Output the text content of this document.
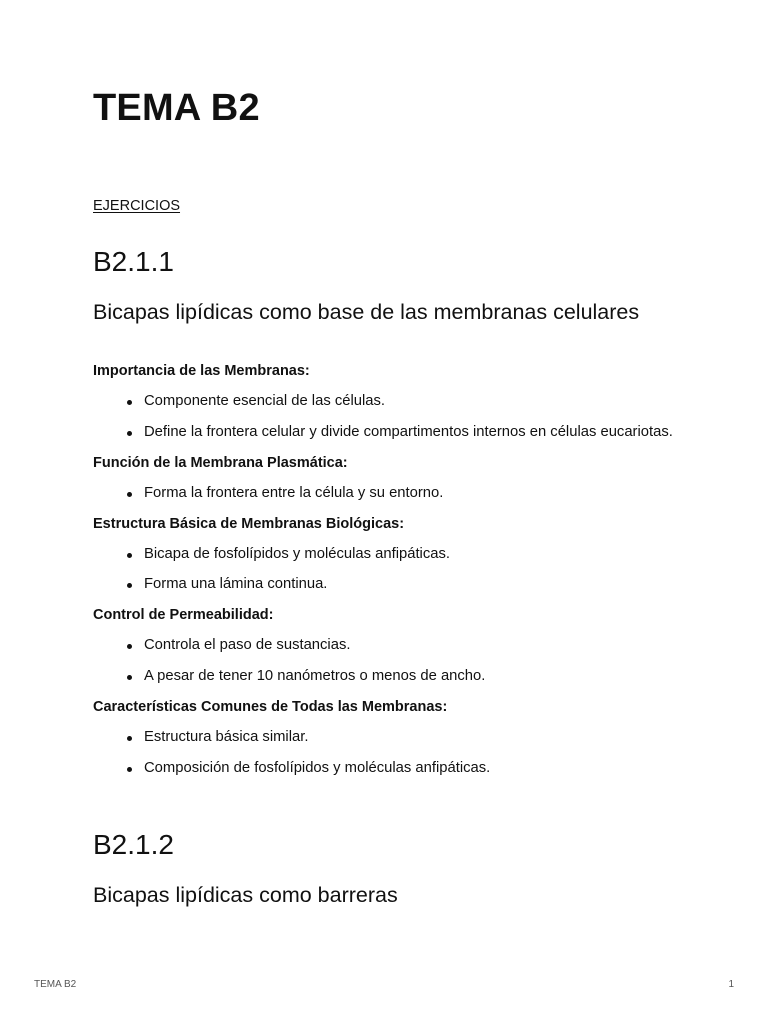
TEMA B2
EJERCICIOS
B2.1.1
Bicapas lipídicas como base de las membranas celulares

Importancia de las Membranas:

Componente esencial de las células.
Define la frontera celular y divide compartimentos internos en células eucariotas.

Función de la Membrana Plasmática:

Forma la frontera entre la célula y su entorno.

Estructura Básica de Membranas Biológicas:

Bicapa de fosfolípidos y moléculas anfipáticas.
Forma una lámina continua.

Control de Permeabilidad:

Controla el paso de sustancias.
A pesar de tener 10 nanómetros o menos de ancho.

Características Comunes de Todas las Membranas:

Estructura básica similar.
Composición de fosfolípidos y moléculas anfipáticas.
B2.1.2
Bicapas lipídicas como barreras
TEMA B2	1
